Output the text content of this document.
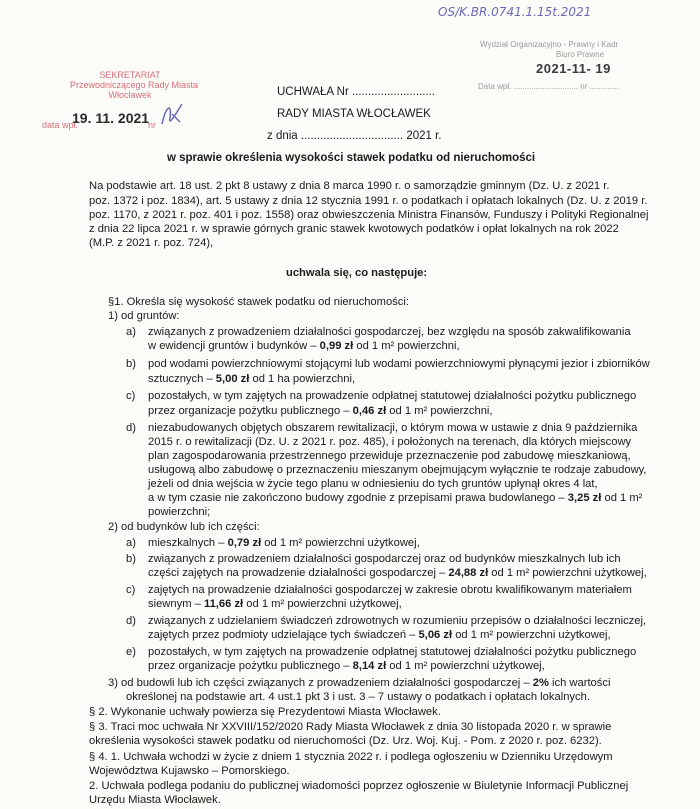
OS/K.BR.0741.1.15t.2021
Wydział Organizacyjno - Prawny i Kadr
Biuro Prawne
2021-11- 19
Data wpł. ............................. nr .............
SEKRETARIAT
Przewodniczącego Rady Miasta
Włocławek
data wpł.
19. 11. 2021
nr
UCHWAŁA Nr ..........................
RADY MIASTA WŁOCŁAWEK
z dnia ................................ 2021 r.
w sprawie określenia wysokości stawek podatku od nieruchomości
Na podstawie art. 18 ust. 2 pkt 8 ustawy z dnia 8 marca 1990 r. o samorządzie gminnym (Dz. U. z 2021 r.
poz. 1372 i poz. 1834), art. 5 ustawy z dnia 12 stycznia 1991 r. o podatkach i opłatach lokalnych (Dz. U. z 2019 r.
poz. 1170, z 2021 r. poz. 401 i poz. 1558) oraz obwieszczenia Ministra Finansów, Funduszy i Polityki Regionalnej
z dnia 22 lipca 2021 r. w sprawie górnych granic stawek kwotowych podatków i opłat lokalnych na rok 2022
(M.P. z 2021 r. poz. 724),
uchwala się, co następuje:
§1. Określa się wysokość stawek podatku od nieruchomości:
1) od gruntów:
a) związanych z prowadzeniem działalności gospodarczej, bez względu na sposób zakwalifikowania
w ewidencji gruntów i budynków – 0,99 zł od 1 m² powierzchni,
b) pod wodami powierzchniowymi stojącymi lub wodami powierzchniowymi płynącymi jezior i zbiorników
sztucznych – 5,00 zł od 1 ha powierzchni,
c) pozostałych, w tym zajętych na prowadzenie odpłatnej statutowej działalności pożytku publicznego
przez organizacje pożytku publicznego – 0,46 zł od 1 m² powierzchni,
d) niezabudowanych objętych obszarem rewitalizacji, o którym mowa w ustawie z dnia 9 października
2015 r. o rewitalizacji (Dz. U. z 2021 r. poz. 485), i położonych na terenach, dla których miejscowy
plan zagospodarowania przestrzennego przewiduje przeznaczenie pod zabudowę mieszkaniową,
usługową albo zabudowę o przeznaczeniu mieszanym obejmującym wyłącznie te rodzaje zabudowy,
jeżeli od dnia wejścia w życie tego planu w odniesieniu do tych gruntów upłynął okres 4 lat,
a w tym czasie nie zakończono budowy zgodnie z przepisami prawa budowlanego – 3,25 zł od 1 m²
powierzchni;
2) od budynków lub ich części:
a) mieszkalnych – 0,79 zł od 1 m² powierzchni użytkowej,
b) związanych z prowadzeniem działalności gospodarczej oraz od budynków mieszkalnych lub ich
części zajętych na prowadzenie działalności gospodarczej – 24,88 zł od 1 m² powierzchni użytkowej,
c) zajętych na prowadzenie działalności gospodarczej w zakresie obrotu kwalifikowanym materiałem
siewnym – 11,66 zł od 1 m² powierzchni użytkowej,
d) związanych z udzielaniem świadczeń zdrowotnych w rozumieniu przepisów o działalności leczniczej,
zajętych przez podmioty udzielające tych świadczeń – 5,06 zł od 1 m² powierzchni użytkowej,
e) pozostałych, w tym zajętych na prowadzenie odpłatnej statutowej działalności pożytku publicznego
przez organizacje pożytku publicznego – 8,14 zł od 1 m² powierzchni użytkowej,
3) od budowli lub ich części związanych z prowadzeniem działalności gospodarczej – 2% ich wartości
określonej na podstawie art. 4 ust.1 pkt 3 i ust. 3 – 7 ustawy o podatkach i opłatach lokalnych.
§ 2. Wykonanie uchwały powierza się Prezydentowi Miasta Włocławek.
§ 3. Traci moc uchwała Nr XXVIII/152/2020 Rady Miasta Włocławek z dnia 30 listopada 2020 r. w sprawie
określenia wysokości stawek podatku od nieruchomości (Dz. Urz. Woj. Kuj. - Pom. z 2020 r. poz. 6232).
§ 4. 1. Uchwała wchodzi w życie z dniem 1 stycznia 2022 r. i podlega ogłoszeniu w Dzienniku Urzędowym
Województwa Kujawsko – Pomorskiego.
2. Uchwała podlega podaniu do publicznej wiadomości poprzez ogłoszenie w Biuletynie Informacji Publicznej
Urzędu Miasta Włocławek.
